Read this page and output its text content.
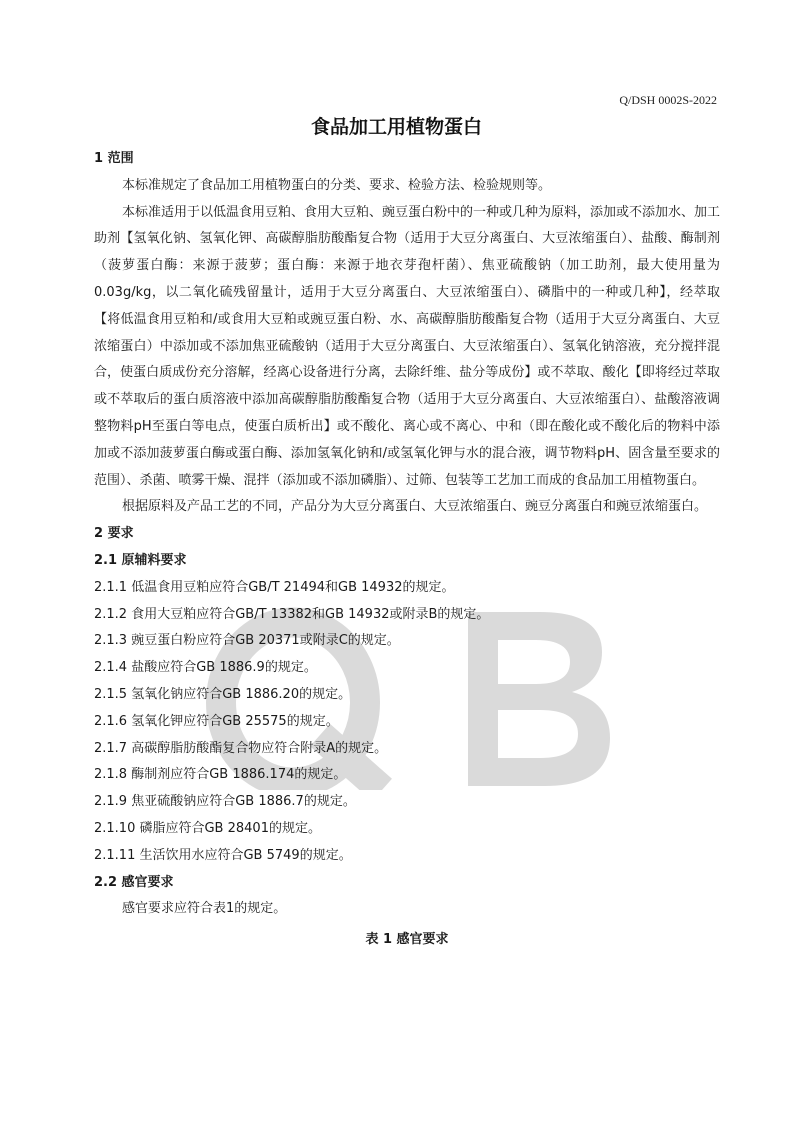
Q/DSH 0002S-2022
食品加工用植物蛋白
1 范围
本标准规定了食品加工用植物蛋白的分类、要求、检验方法、检验规则等。
本标准适用于以低温食用豆粕、食用大豆粕、豌豆蛋白粉中的一种或几种为原料，添加或不添加水、加工助剂【氢氧化钠、氢氧化钾、高碳醇脂肪酸酯复合物（适用于大豆分离蛋白、大豆浓缩蛋白）、盐酸、酶制剂（菠萝蛋白酶：来源于菠萝；蛋白酶：来源于地衣芽孢杆菌）、焦亚硫酸钠（加工助剂，最大使用量为0.03g/kg，以二氧化硫残留量计，适用于大豆分离蛋白、大豆浓缩蛋白）、磷脂中的一种或几种】，经萃取【将低温食用豆粕和/或食用大豆粕或豌豆蛋白粉、水、高碳醇脂肪酸酯复合物（适用于大豆分离蛋白、大豆浓缩蛋白）中添加或不添加焦亚硫酸钠（适用于大豆分离蛋白、大豆浓缩蛋白）、氢氧化钠溶液，充分搅拌混合，使蛋白质成份充分溶解，经离心设备进行分离，去除纤维、盐分等成份】或不萃取、酸化【即将经过萃取或不萃取后的蛋白质溶液中添加高碳醇脂肪酸酯复合物（适用于大豆分离蛋白、大豆浓缩蛋白）、盐酸溶液调整物料pH至蛋白等电点，使蛋白质析出】或不酸化、离心或不离心、中和（即在酸化或不酸化后的物料中添加或不添加菠萝蛋白酶或蛋白酶、添加氢氧化钠和/或氢氧化钾与水的混合液，调节物料pH、固含量至要求的范围）、杀菌、喷雾干燥、混拌（添加或不添加磷脂）、过筛、包装等工艺加工而成的食品加工用植物蛋白。
根据原料及产品工艺的不同，产品分为大豆分离蛋白、大豆浓缩蛋白、豌豆分离蛋白和豌豆浓缩蛋白。
2 要求
2.1 原辅料要求
2.1.1 低温食用豆粕应符合GB/T 21494和GB 14932的规定。
2.1.2 食用大豆粕应符合GB/T 13382和GB 14932或附录B的规定。
2.1.3 豌豆蛋白粉应符合GB 20371或附录C的规定。
2.1.4 盐酸应符合GB 1886.9的规定。
2.1.5 氢氧化钠应符合GB 1886.20的规定。
2.1.6 氢氧化钾应符合GB 25575的规定。
2.1.7 高碳醇脂肪酸酯复合物应符合附录A的规定。
2.1.8 酶制剂应符合GB 1886.174的规定。
2.1.9 焦亚硫酸钠应符合GB 1886.7的规定。
2.1.10 磷脂应符合GB 28401的规定。
2.1.11 生活饮用水应符合GB 5749的规定。
2.2 感官要求
感官要求应符合表1的规定。
表 1 感官要求
